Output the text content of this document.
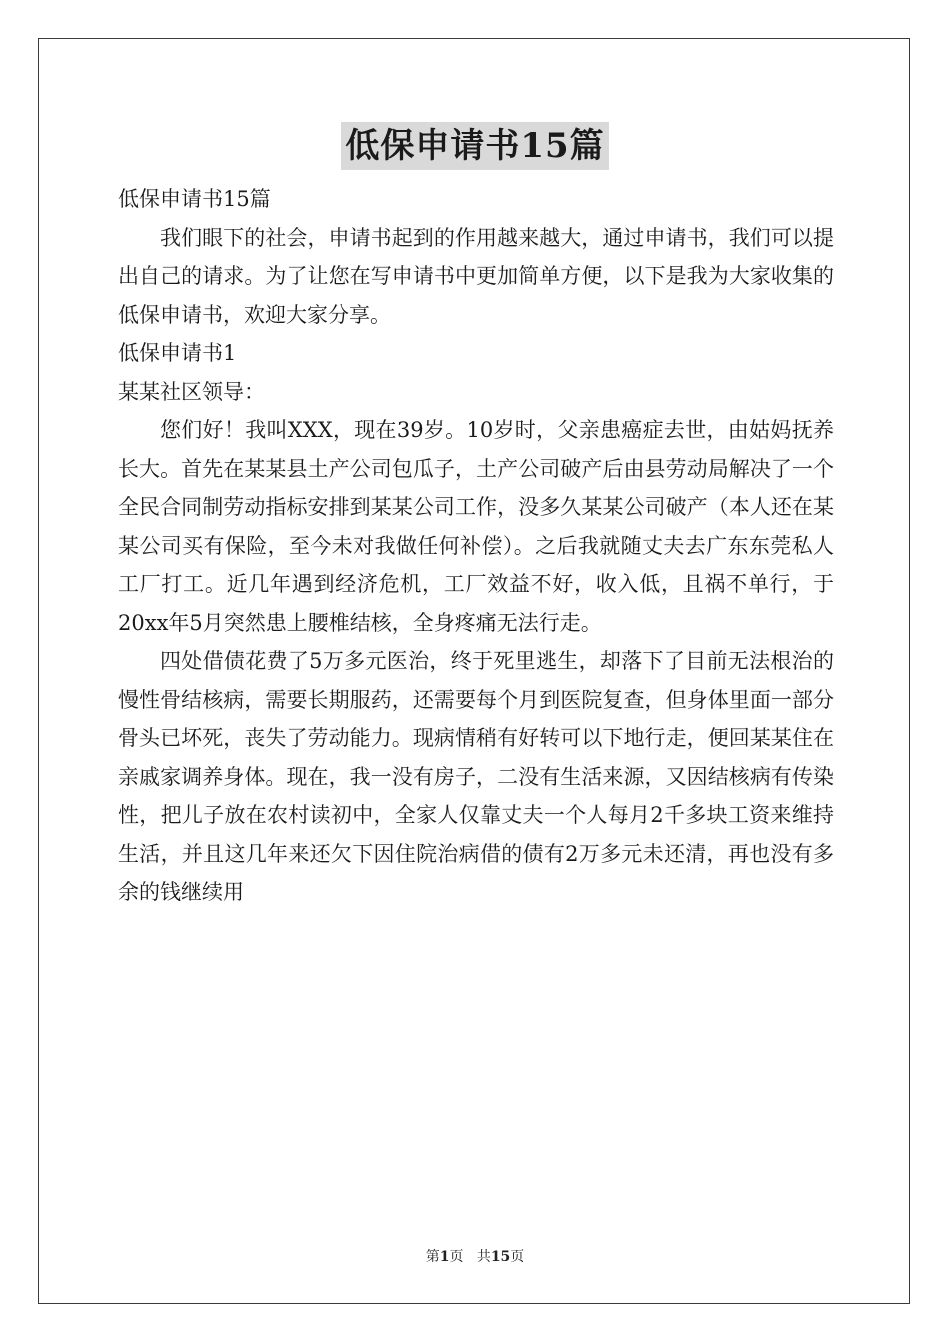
低保申请书15篇

低保申请书15篇

我们眼下的社会，申请书起到的作用越来越大，通过申请书，我们可以提出自己的请求。为了让您在写申请书中更加简单方便，以下是我为大家收集的低保申请书，欢迎大家分享。

低保申请书1

某某社区领导：

您们好！我叫XXX，现在39岁。10岁时，父亲患癌症去世，由姑妈抚养长大。首先在某某县土产公司包瓜子，土产公司破产后由县劳动局解决了一个全民合同制劳动指标安排到某某公司工作，没多久某某公司破产（本人还在某某公司买有保险，至今未对我做任何补偿）。之后我就随丈夫去广东东莞私人工厂打工。近几年遇到经济危机，工厂效益不好，收入低，且祸不单行，于20xx年5月突然患上腰椎结核，全身疼痛无法行走。

四处借债花费了5万多元医治，终于死里逃生，却落下了目前无法根治的慢性骨结核病，需要长期服药，还需要每个月到医院复查，但身体里面一部分骨头已坏死，丧失了劳动能力。现病情稍有好转可以下地行走，便回某某住在亲戚家调养身体。现在，我一没有房子，二没有生活来源，又因结核病有传染性，把儿子放在农村读初中，全家人仅靠丈夫一个人每月2千多块工资来维持生活，并且这几年来还欠下因住院治病借的债有2万多元未还清，再也没有多余的钱继续用

第1页 共15页
